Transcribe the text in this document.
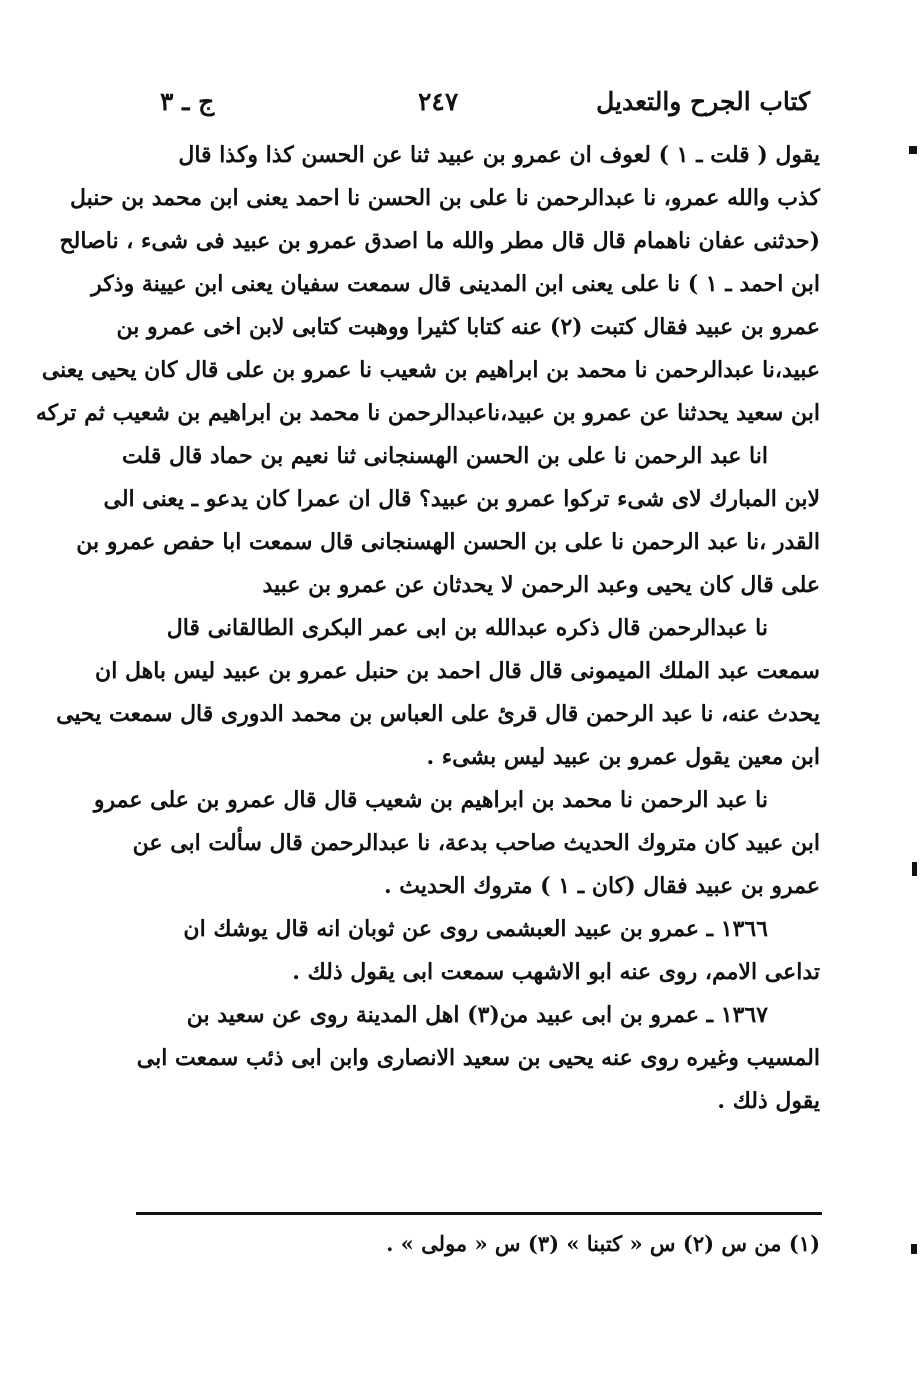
كتاب الجرح والتعديل
٢٤٧
ج ـ ٣
يقول ( قلت ـ ١ ) لعوف ان عمرو بن عبيد ثنا عن الحسن كذا وكذا قال
كذب والله عمرو، نا عبدالرحمن نا على بن الحسن نا احمد يعنى ابن محمد بن حنبل
(حدثنى عفان ناهمام قال قال مطر والله ما اصدق عمرو بن عبيد فى شىء ، ناصالح
ابن احمد ـ ١ ) نا على يعنى ابن المدينى قال سمعت سفيان يعنى ابن عيينة وذكر
عمرو بن عبيد فقال كتبت (٢) عنه كتابا كثيرا ووهبت كتابى لابن اخى عمرو بن
عبيد،نا عبدالرحمن نا محمد بن ابراهيم بن شعيب نا عمرو بن على قال كان يحيى يعنى
ابن سعيد يحدثنا عن عمرو بن عبيد،ناعبدالرحمن نا محمد بن ابراهيم بن شعيب ثم تركه
انا عبد الرحمن نا على بن الحسن الهسنجانى ثنا نعيم بن حماد قال قلت
لابن المبارك لاى شىء تركوا عمرو بن عبيد؟ قال ان عمرا كان يدعو ـ يعنى الى
القدر ،نا عبد الرحمن نا على بن الحسن الهسنجانى قال سمعت ابا حفص عمرو بن
على قال كان يحيى وعبد الرحمن لا يحدثان عن عمرو بن عبيد
نا عبدالرحمن قال ذكره عبدالله بن ابى عمر البكرى الطالقانى قال
سمعت عبد الملك الميمونى قال قال احمد بن حنبل عمرو بن عبيد ليس باهل ان
يحدث عنه، نا عبد الرحمن قال قرئ على العباس بن محمد الدورى قال سمعت يحيى
ابن معين يقول عمرو بن عبيد ليس بشىء .
نا عبد الرحمن نا محمد بن ابراهيم بن شعيب قال قال عمرو بن على عمرو
ابن عبيد كان متروك الحديث صاحب بدعة، نا عبدالرحمن قال سألت ابى عن
عمرو بن عبيد فقال (كان ـ ١ ) متروك الحديث .
١٣٦٦ ـ عمرو بن عبيد العبشمى روى عن ثوبان انه قال يوشك ان
تداعى الامم، روى عنه ابو الاشهب سمعت ابى يقول ذلك .
١٣٦٧ ـ عمرو بن ابى عبيد من(٣) اهل المدينة روى عن سعيد بن
المسيب وغيره روى عنه يحيى بن سعيد الانصارى وابن ابى ذئب سمعت ابى
يقول ذلك .
(١) من س (٢) س « كتبنا » (٣) س « مولى » .
